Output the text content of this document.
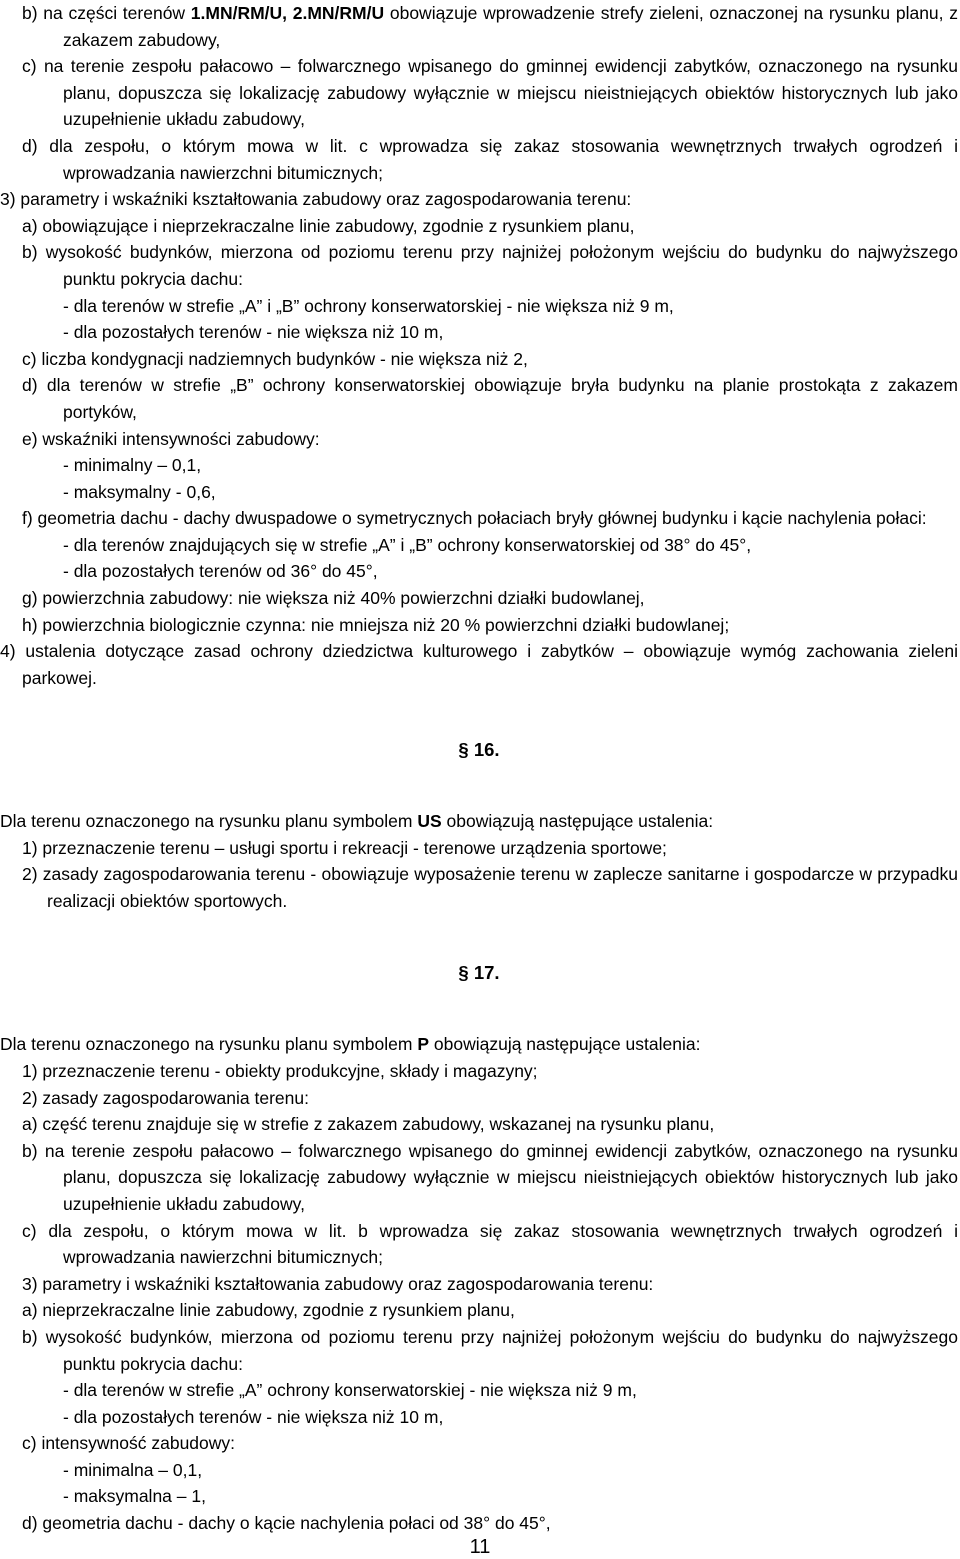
b) na części terenów 1.MN/RM/U, 2.MN/RM/U obowiązuje wprowadzenie strefy zieleni, oznaczonej na rysunku planu, z zakazem zabudowy,

c) na terenie zespołu pałacowo – folwarcznego wpisanego do gminnej ewidencji zabytków, oznaczonego na rysunku planu, dopuszcza się lokalizację zabudowy wyłącznie w miejscu nieistniejących obiektów historycznych lub jako uzupełnienie układu zabudowy,

d) dla zespołu, o którym mowa w lit. c wprowadza się zakaz stosowania wewnętrznych trwałych ogrodzeń i wprowadzania nawierzchni bitumicznych;

3) parametry i wskaźniki kształtowania zabudowy oraz zagospodarowania terenu:

a) obowiązujące i nieprzekraczalne linie zabudowy, zgodnie z rysunkiem planu,

b) wysokość budynków, mierzona od poziomu terenu przy najniżej położonym wejściu do budynku do najwyższego punktu pokrycia dachu:

- dla terenów w strefie „A” i „B” ochrony konserwatorskiej - nie większa niż 9 m,

- dla pozostałych terenów - nie większa niż 10 m,

c) liczba kondygnacji nadziemnych budynków - nie większa niż 2,

d) dla terenów w strefie „B” ochrony konserwatorskiej obowiązuje bryła budynku na planie prostokąta z zakazem portyków,

e) wskaźniki intensywności zabudowy:

- minimalny – 0,1,

- maksymalny - 0,6,

f) geometria dachu - dachy dwuspadowe o symetrycznych połaciach bryły głównej budynku i kącie nachylenia połaci:

- dla terenów znajdujących się w strefie „A” i „B” ochrony konserwatorskiej od 38° do 45°,

- dla pozostałych terenów od 36° do 45°,

g) powierzchnia zabudowy: nie większa niż 40% powierzchni działki budowlanej,

h) powierzchnia biologicznie czynna: nie mniejsza niż 20 % powierzchni działki budowlanej;

4) ustalenia dotyczące zasad ochrony dziedzictwa kulturowego i zabytków – obowiązuje wymóg zachowania zieleni parkowej.

§ 16.

Dla terenu oznaczonego na rysunku planu symbolem US obowiązują następujące ustalenia:

1) przeznaczenie terenu – usługi sportu i rekreacji - terenowe urządzenia sportowe;

2) zasady zagospodarowania terenu - obowiązuje wyposażenie terenu w zaplecze sanitarne i gospodarcze w przypadku realizacji obiektów sportowych.

§ 17.

Dla terenu oznaczonego na rysunku planu symbolem P obowiązują następujące ustalenia:

1) przeznaczenie terenu - obiekty produkcyjne, składy i magazyny;

2) zasady zagospodarowania terenu:

a) część terenu znajduje się w strefie z zakazem zabudowy, wskazanej na rysunku planu,

b) na terenie zespołu pałacowo – folwarcznego wpisanego do gminnej ewidencji zabytków, oznaczonego na rysunku planu, dopuszcza się lokalizację zabudowy wyłącznie w miejscu nieistniejących obiektów historycznych lub jako uzupełnienie układu zabudowy,

c) dla zespołu, o którym mowa w lit. b wprowadza się zakaz stosowania wewnętrznych trwałych ogrodzeń i wprowadzania nawierzchni bitumicznych;

3) parametry i wskaźniki kształtowania zabudowy oraz zagospodarowania terenu:

a) nieprzekraczalne linie zabudowy, zgodnie z rysunkiem planu,

b) wysokość budynków, mierzona od poziomu terenu przy najniżej położonym wejściu do budynku do najwyższego punktu pokrycia dachu:

- dla terenów w strefie „A” ochrony konserwatorskiej - nie większa niż 9 m,

- dla pozostałych terenów - nie większa niż 10 m,

c) intensywność zabudowy:

- minimalna – 0,1,

- maksymalna – 1,

d) geometria dachu - dachy o kącie nachylenia połaci od 38° do 45°,

11
